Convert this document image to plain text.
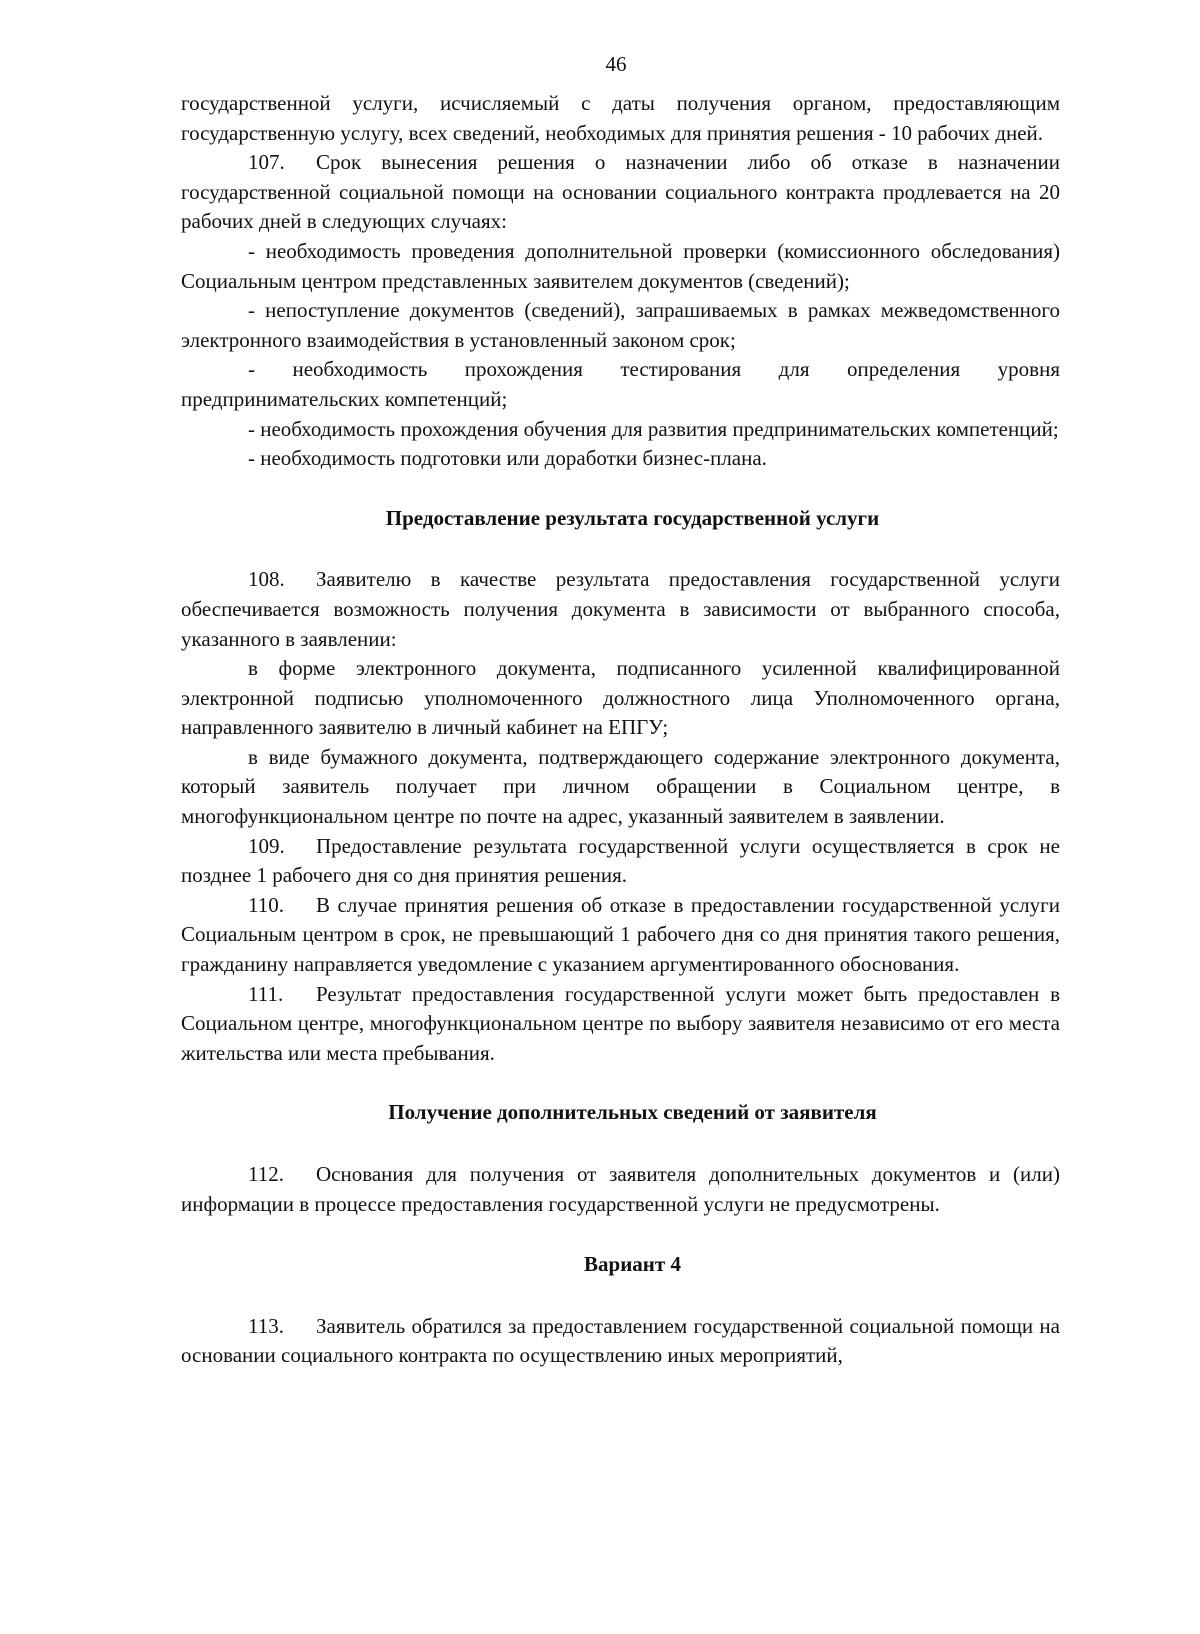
46

государственной услуги, исчисляемый с даты получения органом, предоставляющим государственную услугу, всех сведений, необходимых для принятия решения - 10 рабочих дней.

107. Срок вынесения решения о назначении либо об отказе в назначении государственной социальной помощи на основании социального контракта продлевается на 20 рабочих дней в следующих случаях:

- необходимость проведения дополнительной проверки (комиссионного обследования) Социальным центром представленных заявителем документов (сведений);

- непоступление документов (сведений), запрашиваемых в рамках межведомственного электронного взаимодействия в установленный законом срок;

- необходимость прохождения тестирования для определения уровня предпринимательских компетенций;

- необходимость прохождения обучения для развития предпринимательских компетенций;

- необходимость подготовки или доработки бизнес-плана.

Предоставление результата государственной услуги

108. Заявителю в качестве результата предоставления государственной услуги обеспечивается возможность получения документа в зависимости от выбранного способа, указанного в заявлении:

в форме электронного документа, подписанного усиленной квалифицированной электронной подписью уполномоченного должностного лица Уполномоченного органа, направленного заявителю в личный кабинет на ЕПГУ;

в виде бумажного документа, подтверждающего содержание электронного документа, который заявитель получает при личном обращении в Социальном центре, в многофункциональном центре по почте на адрес, указанный заявителем в заявлении.

109. Предоставление результата государственной услуги осуществляется в срок не позднее 1 рабочего дня со дня принятия решения.

110. В случае принятия решения об отказе в предоставлении государственной услуги Социальным центром в срок, не превышающий 1 рабочего дня со дня принятия такого решения, гражданину направляется уведомление с указанием аргументированного обоснования.

111. Результат предоставления государственной услуги может быть предоставлен в Социальном центре, многофункциональном центре по выбору заявителя независимо от его места жительства или места пребывания.

Получение дополнительных сведений от заявителя

112. Основания для получения от заявителя дополнительных документов и (или) информации в процессе предоставления государственной услуги не предусмотрены.

Вариант 4

113. Заявитель обратился за предоставлением государственной социальной помощи на основании социального контракта по осуществлению иных мероприятий,
